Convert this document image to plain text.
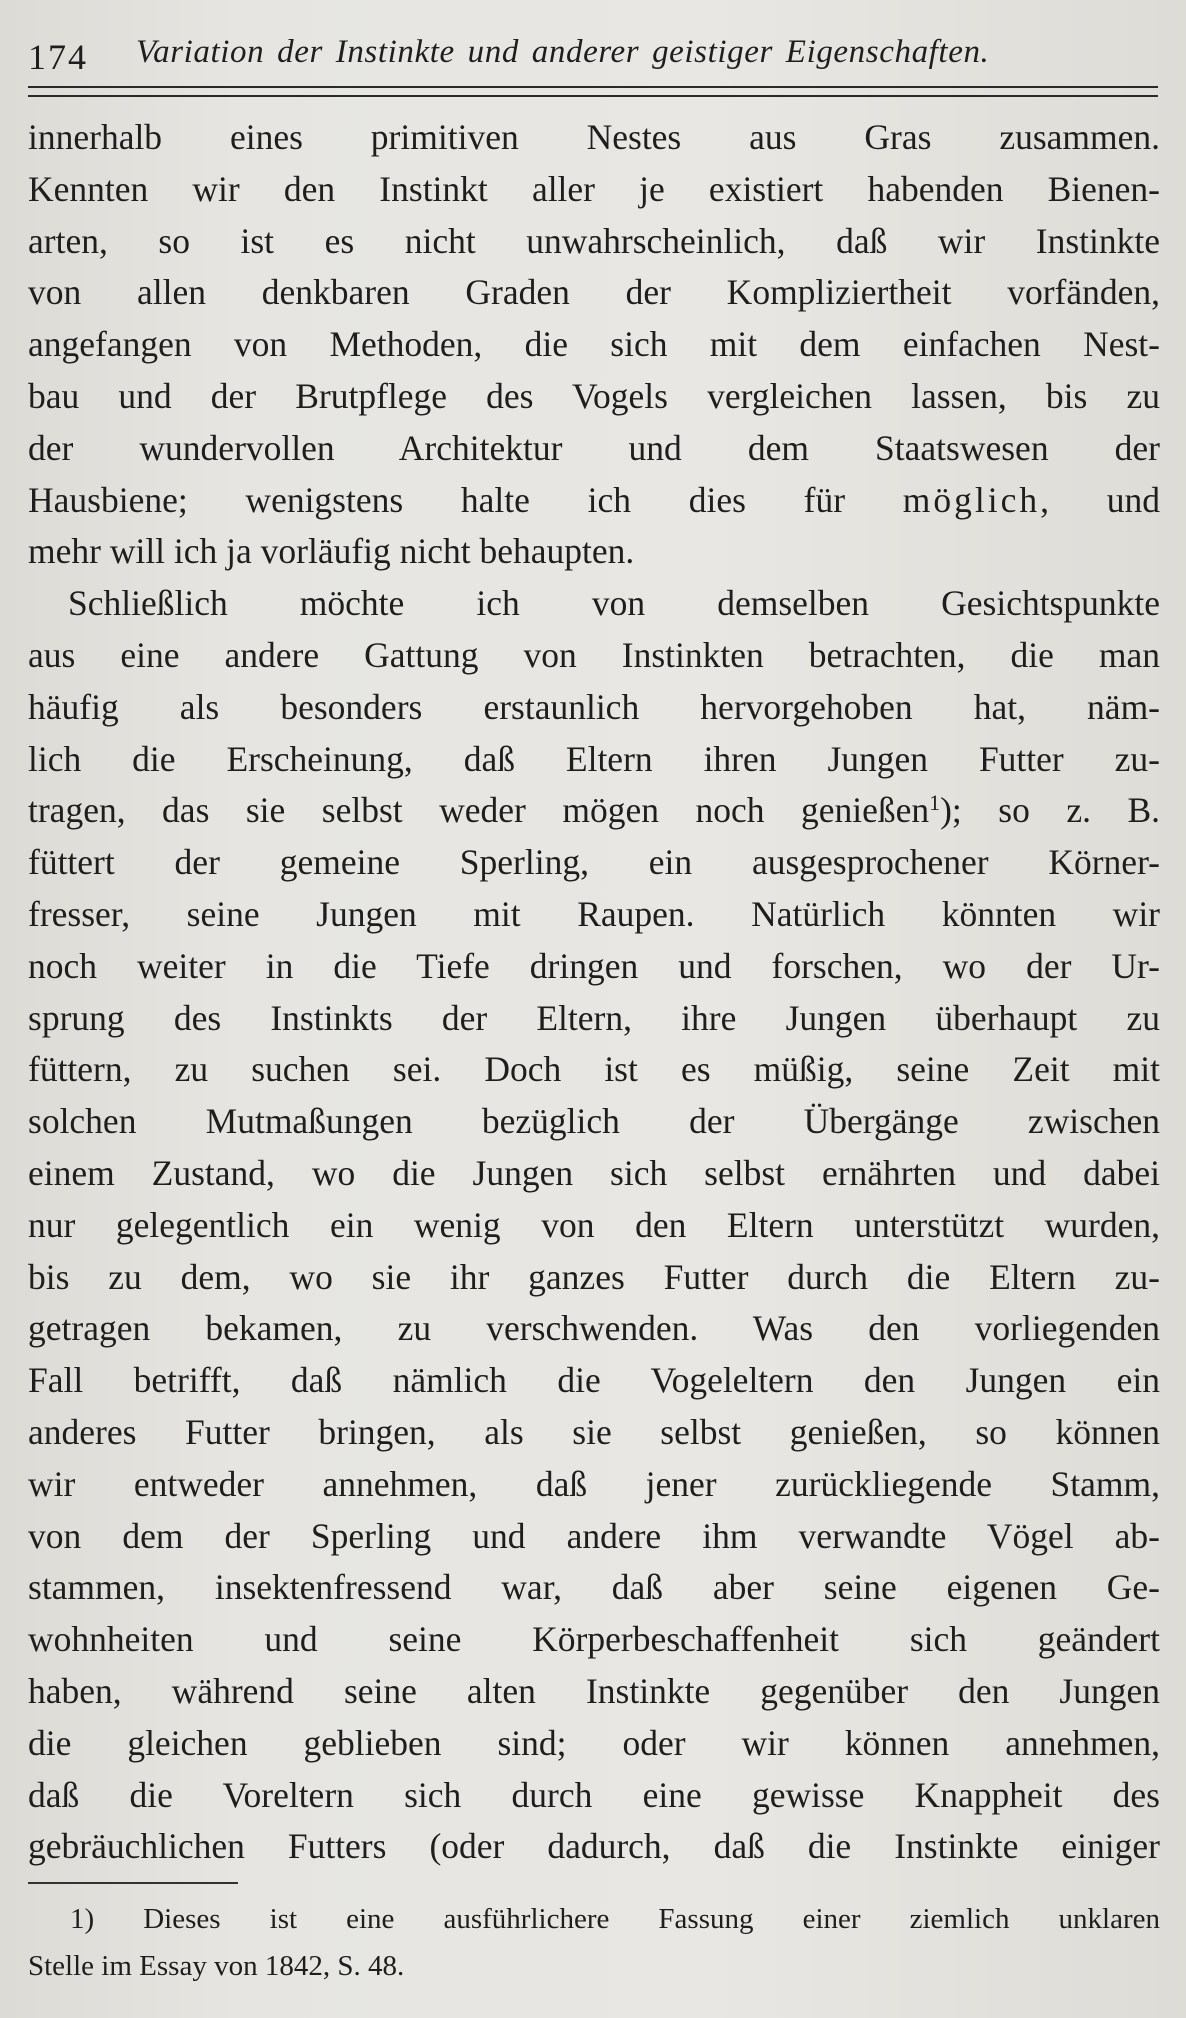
174 Variation der Instinkte und anderer geistiger Eigenschaften.
innerhalb eines primitiven Nestes aus Gras zusammen.
Kennten wir den Instinkt aller je existiert habenden Bienen-
arten, so ist es nicht unwahrscheinlich, daß wir Instinkte
von allen denkbaren Graden der Kompliziertheit vorfänden,
angefangen von Methoden, die sich mit dem einfachen Nest-
bau und der Brutpflege des Vogels vergleichen lassen, bis zu
der wundervollen Architektur und dem Staatswesen der
Hausbiene; wenigstens halte ich dies für möglich, und
mehr will ich ja vorläufig nicht behaupten.
Schließlich möchte ich von demselben Gesichtspunkte
aus eine andere Gattung von Instinkten betrachten, die man
häufig als besonders erstaunlich hervorgehoben hat, näm-
lich die Erscheinung, daß Eltern ihren Jungen Futter zu-
tragen, das sie selbst weder mögen noch genießen$^1$); so z. B.
füttert der gemeine Sperling, ein ausgesprochener Körner-
fresser, seine Jungen mit Raupen. Natürlich könnten wir
noch weiter in die Tiefe dringen und forschen, wo der Ur-
sprung des Instinkts der Eltern, ihre Jungen überhaupt zu
füttern, zu suchen sei. Doch ist es müßig, seine Zeit mit
solchen Mutmaßungen bezüglich der Übergänge zwischen
einem Zustand, wo die Jungen sich selbst ernährten und dabei
nur gelegentlich ein wenig von den Eltern unterstützt wurden,
bis zu dem, wo sie ihr ganzes Futter durch die Eltern zu-
getragen bekamen, zu verschwenden. Was den vorliegenden
Fall betrifft, daß nämlich die Vogeleltern den Jungen ein
anderes Futter bringen, als sie selbst genießen, so können
wir entweder annehmen, daß jener zurückliegende Stamm,
von dem der Sperling und andere ihm verwandte Vögel ab-
stammen, insektenfressend war, daß aber seine eigenen Ge-
wohnheiten und seine Körperbeschaffenheit sich geändert
haben, während seine alten Instinkte gegenüber den Jungen
die gleichen geblieben sind; oder wir können annehmen,
daß die Voreltern sich durch eine gewisse Knappheit des
gebräuchlichen Futters (oder dadurch, daß die Instinkte einiger
1) Dieses ist eine ausführlichere Fassung einer ziemlich unklaren
Stelle im Essay von 1842, S. 48.
